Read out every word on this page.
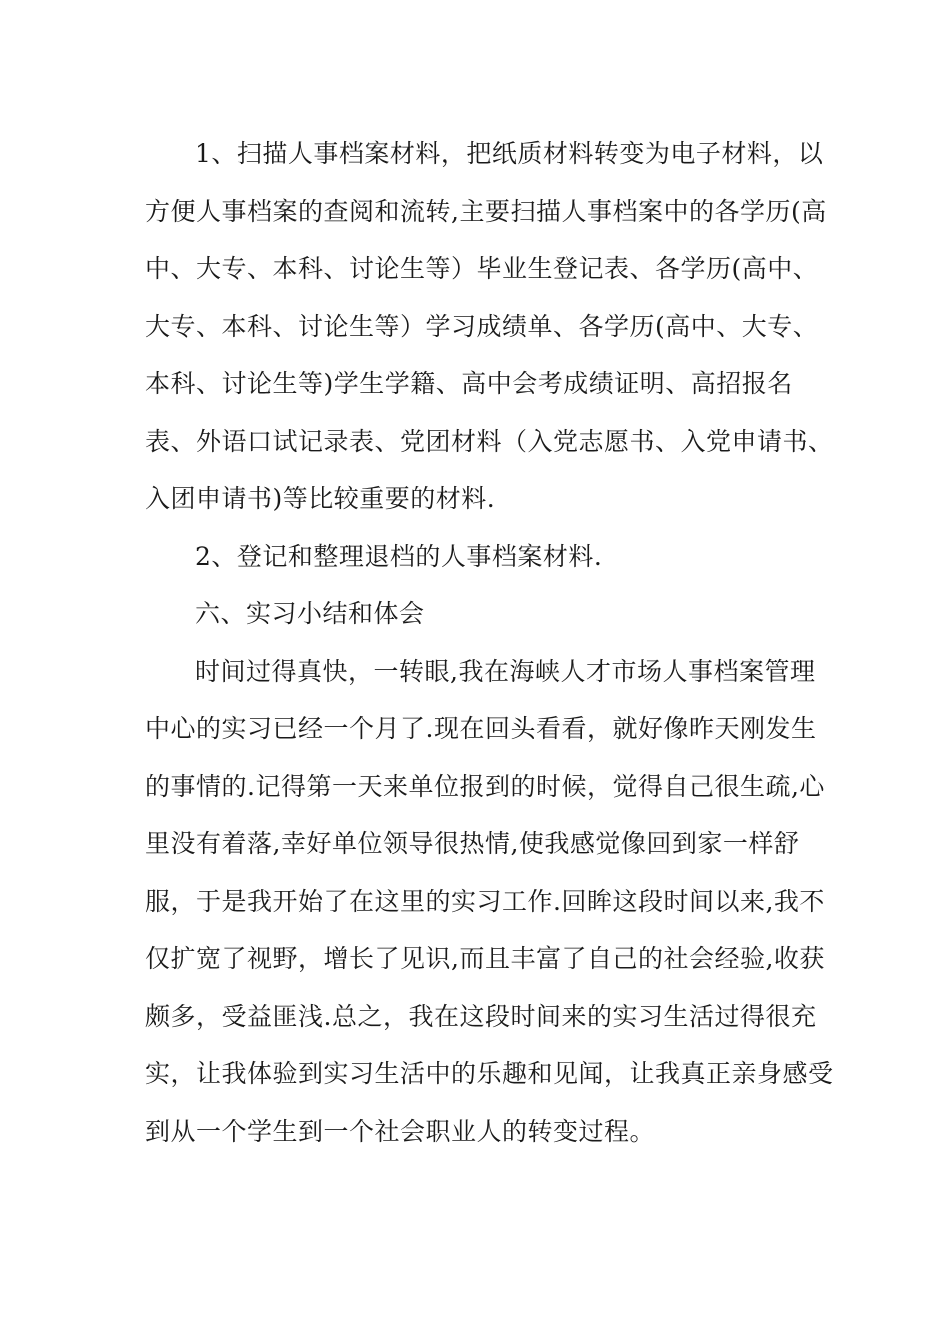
1、扫描人事档案材料，把纸质材料转变为电子材料，以方便人事档案的查阅和流转,主要扫描人事档案中的各学历(高中、大专、本科、讨论生等）毕业生登记表、各学历(高中、大专、本科、讨论生等）学习成绩单、各学历(高中、大专、本科、讨论生等)学生学籍、高中会考成绩证明、高招报名表、外语口试记录表、党团材料（入党志愿书、入党申请书、入团申请书)等比较重要的材料.

2、登记和整理退档的人事档案材料.

六、实习小结和体会

时间过得真快，一转眼,我在海峡人才市场人事档案管理中心的实习已经一个月了.现在回头看看，就好像昨天刚发生的事情的.记得第一天来单位报到的时候，觉得自己很生疏,心里没有着落,幸好单位领导很热情,使我感觉像回到家一样舒服，于是我开始了在这里的实习工作.回眸这段时间以来,我不仅扩宽了视野，增长了见识,而且丰富了自己的社会经验,收获颇多，受益匪浅.总之，我在这段时间来的实习生活过得很充实，让我体验到实习生活中的乐趣和见闻，让我真正亲身感受到从一个学生到一个社会职业人的转变过程。
